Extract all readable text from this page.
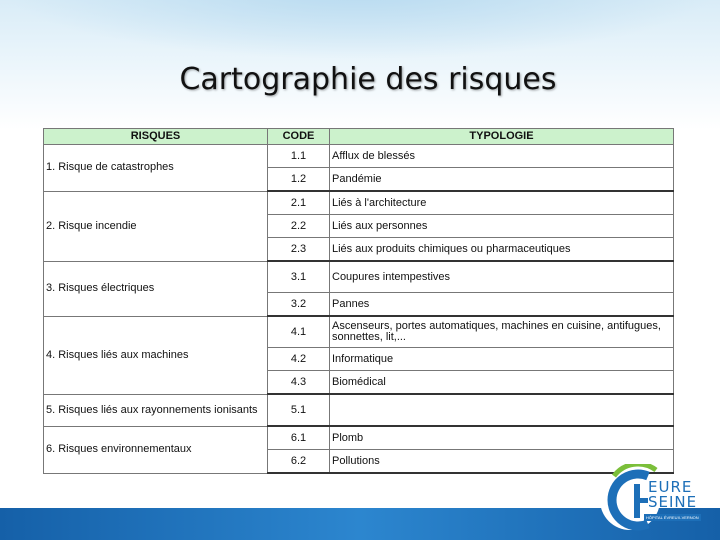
Cartographie des risques
RISQUES	CODE	TYPOLOGIE
1. Risque de catastrophes	1.1	Afflux de blessés
	1.2	Pandémie
2. Risque incendie	2.1	Liés à l'architecture
	2.2	Liés aux personnes
	2.3	Liés aux produits chimiques ou pharmaceutiques
3. Risques électriques	3.1	Coupures intempestives
	3.2	Pannes
4. Risques liés aux machines	4.1	Ascenseurs, portes automatiques, machines en cuisine, antifugues, sonnettes, lit,...
	4.2	Informatique
	4.3	Biomédical
5. Risques liés aux rayonnements ionisants	5.1	
6. Risques environnementaux	6.1	Plomb
	6.2	Pollutions
EURE
SEINE
HÔPITAL ÉVREUX-VERNON
